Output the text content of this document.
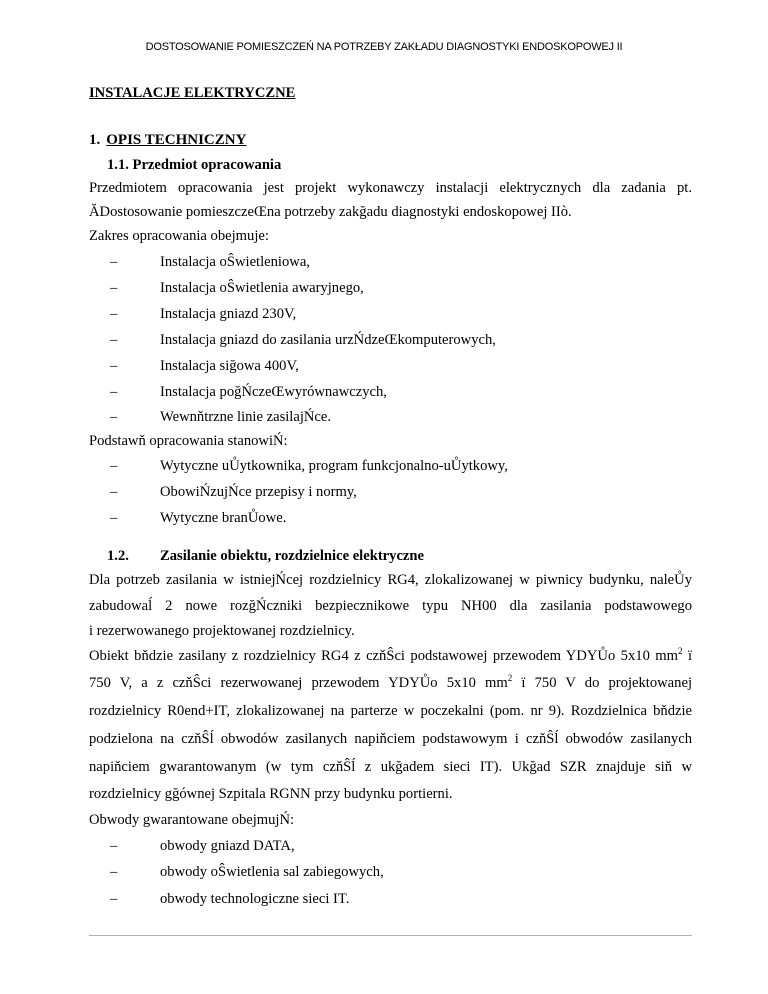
DOSTOSOWANIE POMIESZCZEŃ NA POTRZEBY ZAKŁADU DIAGNOSTYKI ENDOSKOPOWEJ II
INSTALACJE ELEKTRYCZNE
1. OPIS TECHNICZNY
1.1. Przedmiot opracowania
Przedmiotem opracowania jest projekt wykonawczy instalacji elektrycznych dla zadania pt.
ĂDostosowanie pomieszczeŒna potrzeby zakğadu diagnostyki endoskopowej IIò.
Zakres opracowania obejmuje:
–	Instalacja oŜwietleniowa,
–	Instalacja oŜwietlenia awaryjnego,
–	Instalacja gniazd 230V,
–	Instalacja gniazd do zasilania urzŃdzeŒkomputerowych,
–	Instalacja siğowa 400V,
–	Instalacja poğŃczeŒwyrównawczych,
–	Wewnňtrzne linie zasilajŃce.
Podstawň opracowania stanowiŃ:
–	Wytyczne uŮytkownika, program funkcjonalno-uŮytkowy,
–	ObowiŃzujŃce przepisy i normy,
–	Wytyczne branŮowe.
1.2. Zasilanie obiektu, rozdzielnice elektryczne
Dla potrzeb zasilania w istniejŃcej rozdzielnicy RG4, zlokalizowanej w piwnicy budynku, naleŮy
zabudowaĺ 2 nowe rozğŃczniki bezpiecznikowe typu NH00 dla zasilania podstawowego
i rezerwowanego projektowanej rozdzielnicy.
Obiekt bňdzie zasilany z rozdzielnicy RG4 z czňŜci podstawowej przewodem YDYŮo 5x10 $mm^2$ ï
750 V, a z czňŜci rezerwowanej przewodem YDYŮo 5x10 $mm^2$ ï 750 V do projektowanej
rozdzielnicy R0end+IT, zlokalizowanej na parterze w poczekalni (pom. nr 9). Rozdzielnica bňdzie
podzielona na czňŜĺ obwodów zasilanych napiňciem podstawowym i czňŜĺ obwodów zasilanych
napiňciem gwarantowanym (w tym czňŜĺ z ukğadem sieci IT). Ukğad SZR znajduje siň w
rozdzielnicy gğównej Szpitala RGNN przy budynku portierni.
Obwody gwarantowane obejmujŃ:
–	obwody gniazd DATA,
–	obwody oŜwietlenia sal zabiegowych,
–	obwody technologiczne sieci IT.
